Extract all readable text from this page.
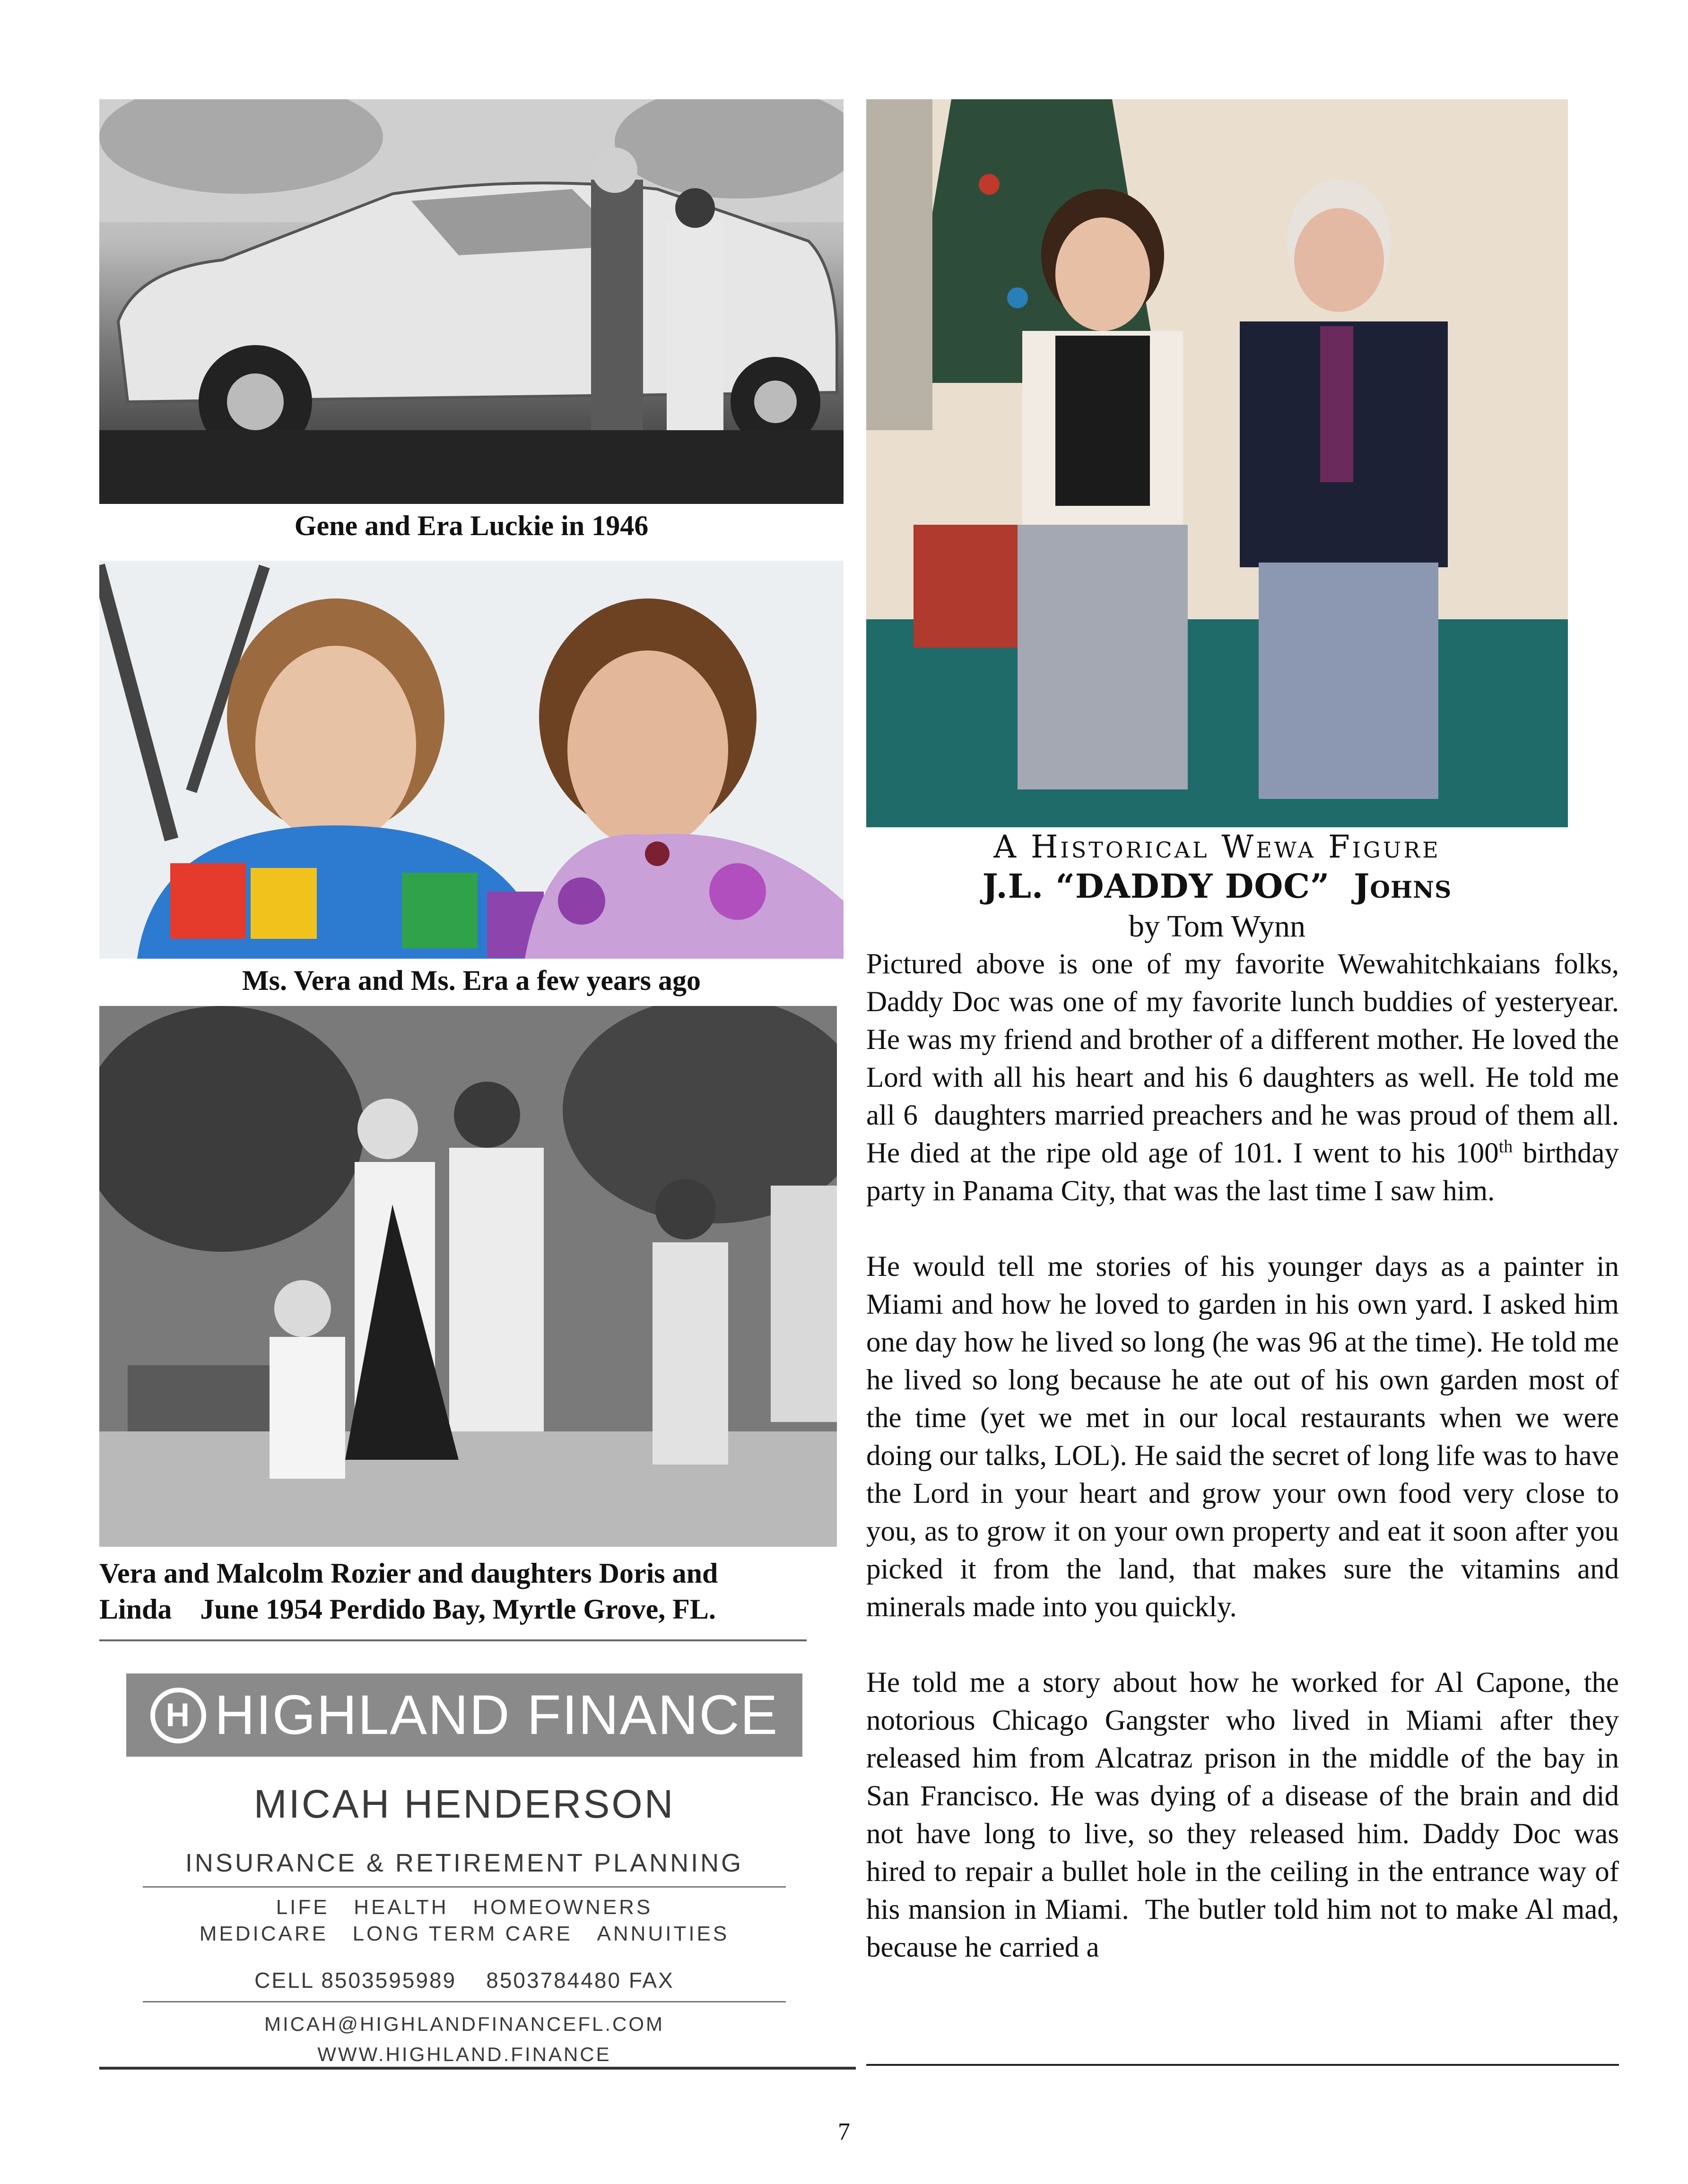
Gene and Era Luckie in 1946
Ms. Vera and Ms. Era a few years ago
Vera and Malcolm Rozier and daughters Doris and
Linda    June 1954 Perdido Bay, Myrtle Grove, FL.
H HIGHLAND FINANCE
MICAH HENDERSON
INSURANCE & RETIREMENT PLANNING
LIFE   HEALTH   HOMEOWNERS
MEDICARE   LONG TERM CARE   ANNUITIES
CELL 8503595989    8503784480 FAX
MICAH@HIGHLANDFINANCEFL.COM
WWW.HIGHLAND.FINANCE
A Historical Wewa Figure
J.L. “DADDY DOC”  Johns
by Tom Wynn

Pictured above is one of my favorite Wewahitchkaians folks, Daddy Doc was one of my favorite lunch buddies of yesteryear. He was my friend and brother of a different mother. He loved the Lord with all his heart and his 6 daughters as well. He told me all 6  daughters married preachers and he was proud of them all. He died at the ripe old age of 101. I went to his 100th birthday party in Panama City, that was the last time I saw him.

He would tell me stories of his younger days as a painter in Miami and how he loved to garden in his own yard. I asked him one day how he lived so long (he was 96 at the time). He told me he lived so long because he ate out of his own garden most of the time (yet we met in our local restaurants when we were doing our talks, LOL). He said the secret of long life was to have the Lord in your heart and grow your own food very close to you, as to grow it on your own property and eat it soon after you picked it from the land, that makes sure the vitamins and minerals made into you quickly.

He told me a story about how he worked for Al Capone, the notorious Chicago Gangster who lived in Miami after they released him from Alcatraz prison in the middle of the bay in San Francisco. He was dying of a disease of the brain and did not have long to live, so they released him. Daddy Doc was hired to repair a bullet hole in the ceiling in the entrance way of his mansion in Miami.  The butler told him not to make Al mad, because he carried a

7
